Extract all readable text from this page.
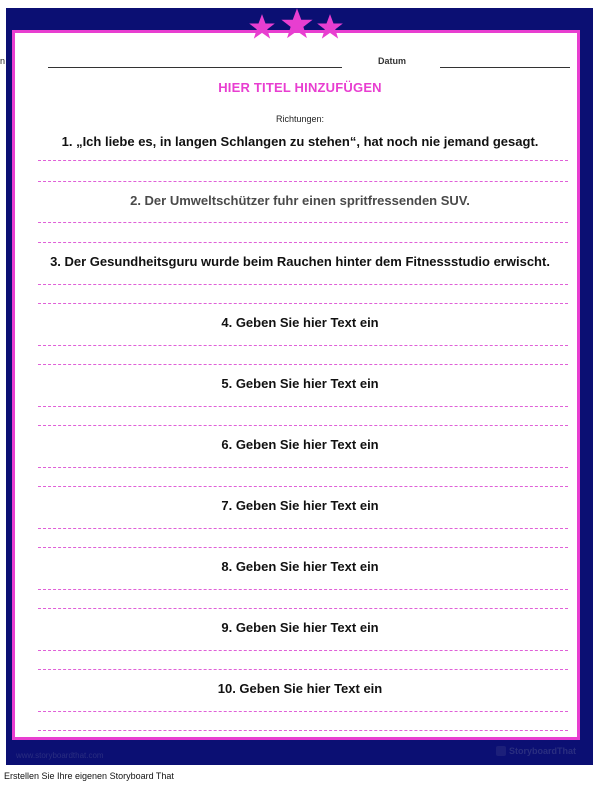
n	Datum
HIER TITEL HINZUFÜGEN
Richtungen:
1. „Ich liebe es, in langen Schlangen zu stehen“, hat noch nie jemand gesagt.
2. Der Umweltschützer fuhr einen spritfressenden SUV.
3. Der Gesundheitsguru wurde beim Rauchen hinter dem Fitnessstudio erwischt.
4. Geben Sie hier Text ein
5. Geben Sie hier Text ein
6. Geben Sie hier Text ein
7. Geben Sie hier Text ein
8. Geben Sie hier Text ein
9. Geben Sie hier Text ein
10. Geben Sie hier Text ein
www.storyboardthat.com	StoryboardThat
Erstellen Sie Ihre eigenen Storyboard That
